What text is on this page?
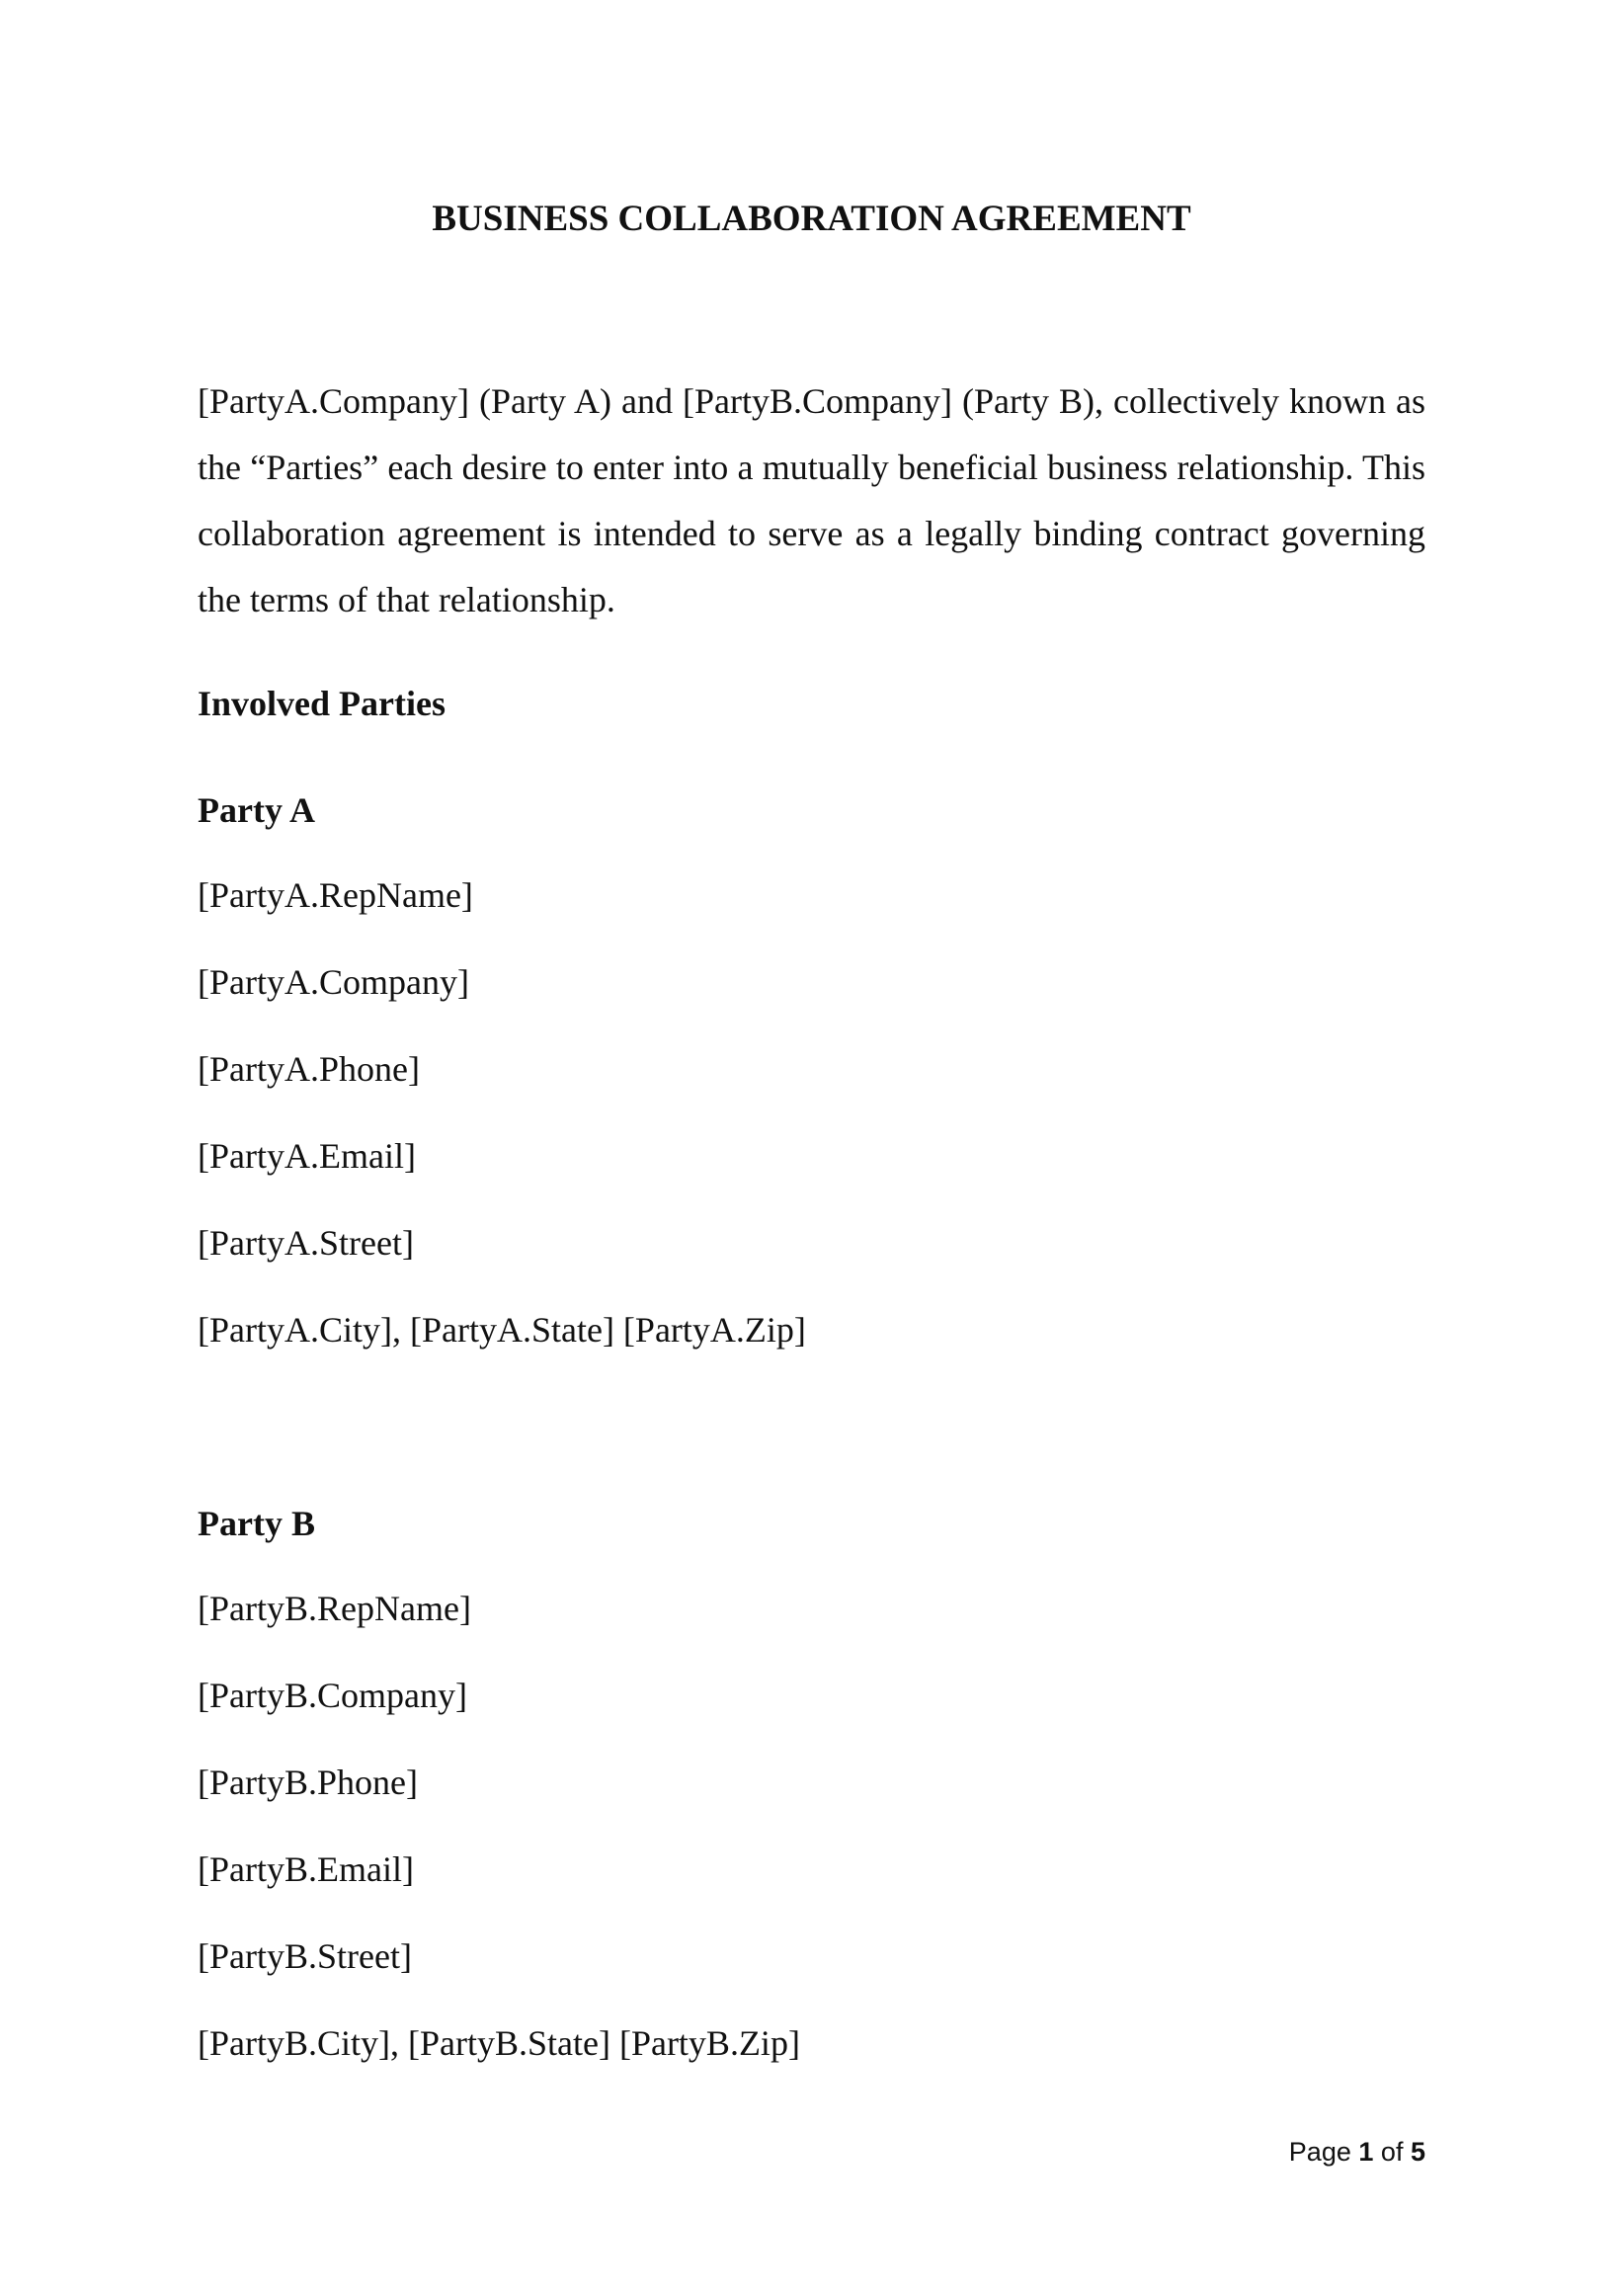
BUSINESS COLLABORATION AGREEMENT
[PartyA.Company] (Party A) and [PartyB.Company] (Party B), collectively known as the “Parties” each desire to enter into a mutually beneficial business relationship. This collaboration agreement is intended to serve as a legally binding contract governing the terms of that relationship.
Involved Parties
Party A
[PartyA.RepName]
[PartyA.Company]
[PartyA.Phone]
[PartyA.Email]
[PartyA.Street]
[PartyA.City], [PartyA.State] [PartyA.Zip]
Party B
[PartyB.RepName]
[PartyB.Company]
[PartyB.Phone]
[PartyB.Email]
[PartyB.Street]
[PartyB.City], [PartyB.State] [PartyB.Zip]
Page 1 of 5
